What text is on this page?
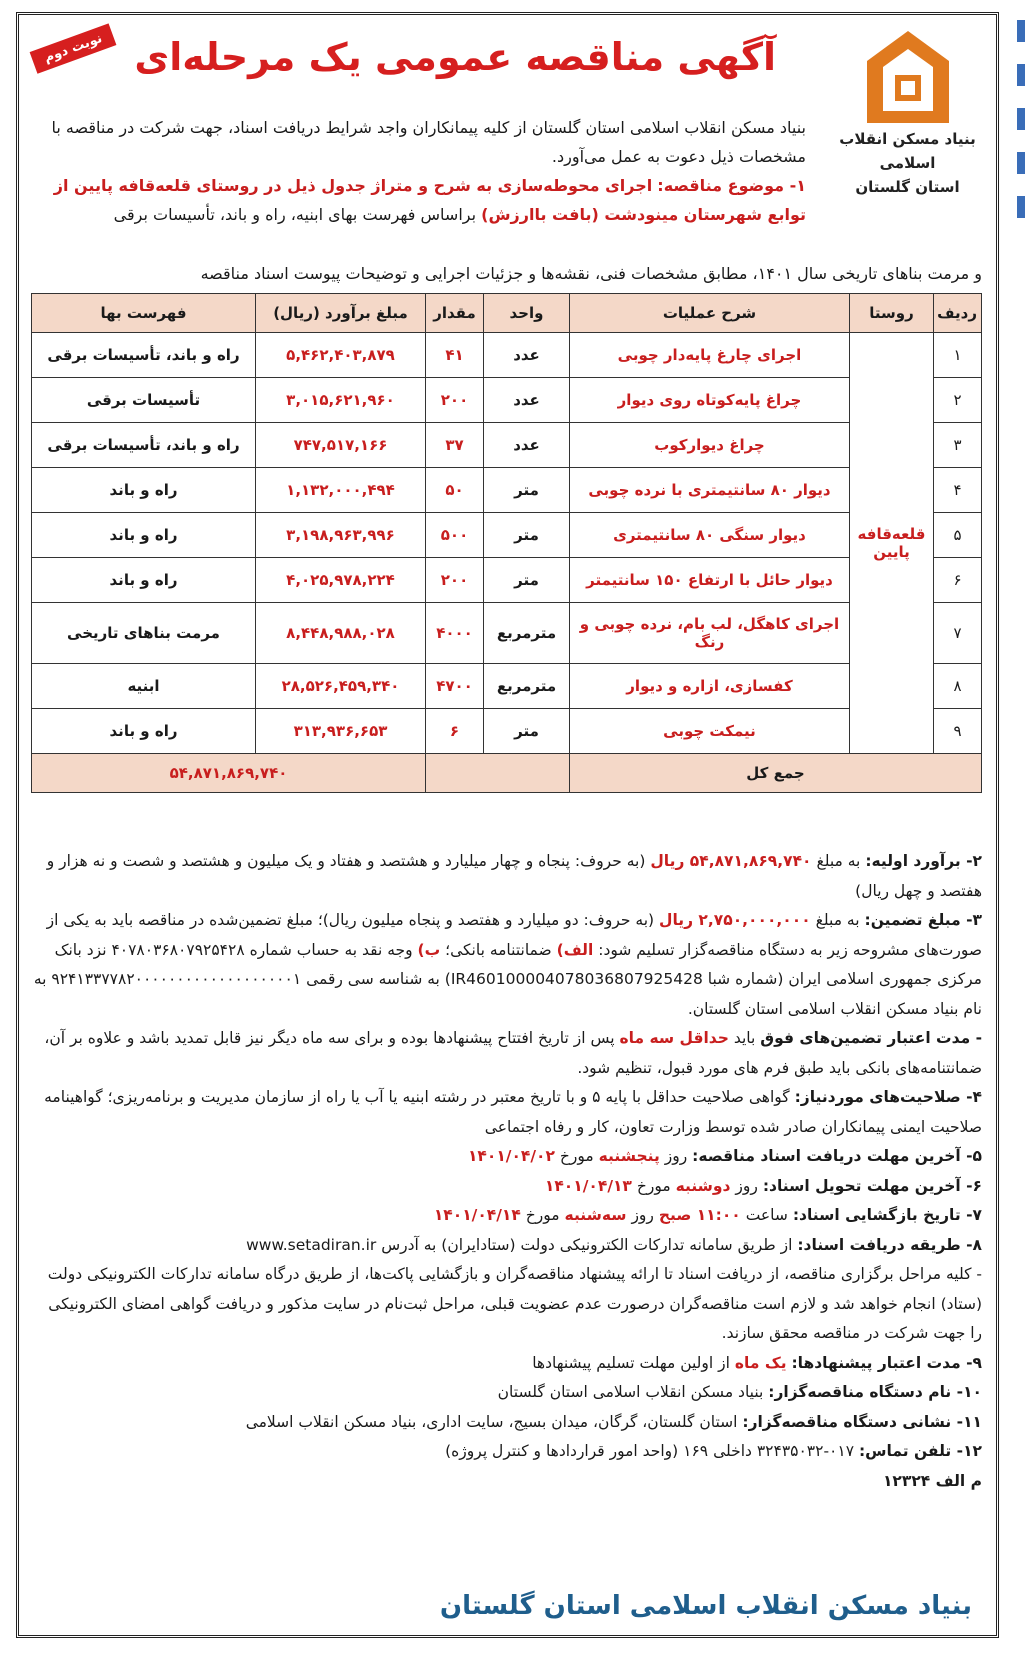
بنیاد مسکن انقلاب اسلامی
استان گلستان
آگهی مناقصه عمومی یک مرحله‌ای
نوبت دوم

بنیاد مسکن انقلاب اسلامی استان گلستان از کلیه پیمانکاران واجد شرایط دریافت اسناد، جهت شرکت در مناقصه با مشخصات ذیل دعوت به عمل می‌آورد.

۱- موضوع مناقصه: اجرای محوطه‌سازی به شرح و متراژ جدول ذیل در روستای قلعه‌قافه پایین از توابع شهرستان مینودشت (بافت باارزش) براساس فهرست بهای ابنیه، راه و باند، تأسیسات برقی

و مرمت بناهای تاریخی سال ۱۴۰۱، مطابق مشخصات فنی، نقشه‌ها و جزئیات اجرایی و توضیحات پیوست اسناد مناقصه
ردیف	روستا	شرح عملیات	واحد	مقدار	مبلغ برآورد (ریال)	فهرست بها
۱	قلعه‌قافه پایین	اجرای چارغ پایه‌دار چوبی	عدد	۴۱	۵,۴۶۲,۴۰۳,۸۷۹	راه و باند، تأسیسات برقی
۲		چراغ پایه‌کوتاه روی دیوار	عدد	۲۰۰	۳,۰۱۵,۶۲۱,۹۶۰	تأسیسات برقی
۳		چراغ دیوارکوب	عدد	۳۷	۷۴۷,۵۱۷,۱۶۶	راه و باند، تأسیسات برقی
۴		دیوار ۸۰ سانتیمتری با نرده چوبی	متر	۵۰	۱,۱۳۲,۰۰۰,۴۹۴	راه و باند
۵		دیوار سنگی ۸۰ سانتیمتری	متر	۵۰۰	۳,۱۹۸,۹۶۳,۹۹۶	راه و باند
۶		دیوار حائل با ارتفاع ۱۵۰ سانتیمتر	متر	۲۰۰	۴,۰۲۵,۹۷۸,۲۲۴	راه و باند
۷		اجرای کاهگل، لب بام، نرده چوبی و رنگ	مترمربع	۴۰۰۰	۸,۴۴۸,۹۸۸,۰۲۸	مرمت بناهای تاریخی
۸		کفسازی، ازاره و دیوار	مترمربع	۴۷۰۰	۲۸,۵۲۶,۴۵۹,۳۴۰	ابنیه
۹		نیمکت چوبی	متر	۶	۳۱۳,۹۳۶,۶۵۳	راه و باند
جمع کل					۵۴,۸۷۱,۸۶۹,۷۴۰	

۲- برآورد اولیه: به مبلغ ۵۴,۸۷۱,۸۶۹,۷۴۰ ریال (به حروف: پنجاه و چهار میلیارد و هشتصد و هفتاد و یک میلیون و هشتصد و شصت و نه هزار و هفتصد و چهل ریال)

۳- مبلغ تضمین: به مبلغ ۲,۷۵۰,۰۰۰,۰۰۰ ریال (به حروف: دو میلیارد و هفتصد و پنجاه میلیون ریال)؛ مبلغ تضمین‌شده در مناقصه باید به یکی از صورت‌های مشروحه زیر به دستگاه مناقصه‌گزار تسلیم شود: الف) ضمانتنامه بانکی؛ ب) وجه نقد به حساب شماره ۴۰۷۸۰۳۶۸۰۷۹۲۵۴۲۸ نزد بانک مرکزی جمهوری اسلامی ایران (شماره شبا IR460100004078036807925428) به شناسه سی رقمی ۹۲۴۱۳۳۷۷۸۲۰۰۰۰۰۰۰۰۰۰۰۰۰۰۰۰۰۰۰۱ به نام بنیاد مسکن انقلاب اسلامی استان گلستان.

- مدت اعتبار تضمین‌های فوق باید حداقل سه ماه پس از تاریخ افتتاح پیشنهادها بوده و برای سه ماه دیگر نیز قابل تمدید باشد و علاوه بر آن، ضمانتنامه‌های بانکی باید طبق فرم های مورد قبول، تنظیم شود.

۴- صلاحیت‌های موردنیاز: گواهی صلاحیت حداقل با پایه ۵ و با تاریخ معتبر در رشته ابنیه یا آب یا راه از سازمان مدیریت و برنامه‌ریزی؛ گواهینامه صلاحیت ایمنی پیمانکاران صادر شده توسط وزارت تعاون، کار و رفاه اجتماعی

۵- آخرین مهلت دریافت اسناد مناقصه: روز پنجشنبه مورخ ۱۴۰۱/۰۴/۰۲

۶- آخرین مهلت تحویل اسناد: روز دوشنبه مورخ ۱۴۰۱/۰۴/۱۳

۷- تاریخ بازگشایی اسناد: ساعت ۱۱:۰۰ صبح روز سه‌شنبه مورخ ۱۴۰۱/۰۴/۱۴

۸- طریقه دریافت اسناد: از طریق سامانه تدارکات الکترونیکی دولت (ستادایران) به آدرس www.setadiran.ir

- کلیه مراحل برگزاری مناقصه، از دریافت اسناد تا ارائه پیشنهاد مناقصه‌گران و بازگشایی پاکت‌ها، از طریق درگاه سامانه تدارکات الکترونیکی دولت (ستاد) انجام خواهد شد و لازم است مناقصه‌گران درصورت عدم عضویت قبلی، مراحل ثبت‌نام در سایت مذکور و دریافت گواهی امضای الکترونیکی را جهت شرکت در مناقصه محقق سازند.

۹- مدت اعتبار پیشنهادها: یک ماه از اولین مهلت تسلیم پیشنهادها

۱۰- نام دستگاه مناقصه‌گزار: بنیاد مسکن انقلاب اسلامی استان گلستان

۱۱- نشانی دستگاه مناقصه‌گزار: استان گلستان، گرگان، میدان بسیج، سایت اداری، بنیاد مسکن انقلاب اسلامی

۱۲- تلفن تماس: ۰۱۷-۳۲۴۳۵۰۳۲ داخلی ۱۶۹ (واحد امور قراردادها و کنترل پروژه)

م الف ۱۲۳۲۴

بنیاد مسکن انقلاب اسلامی استان گلستان
